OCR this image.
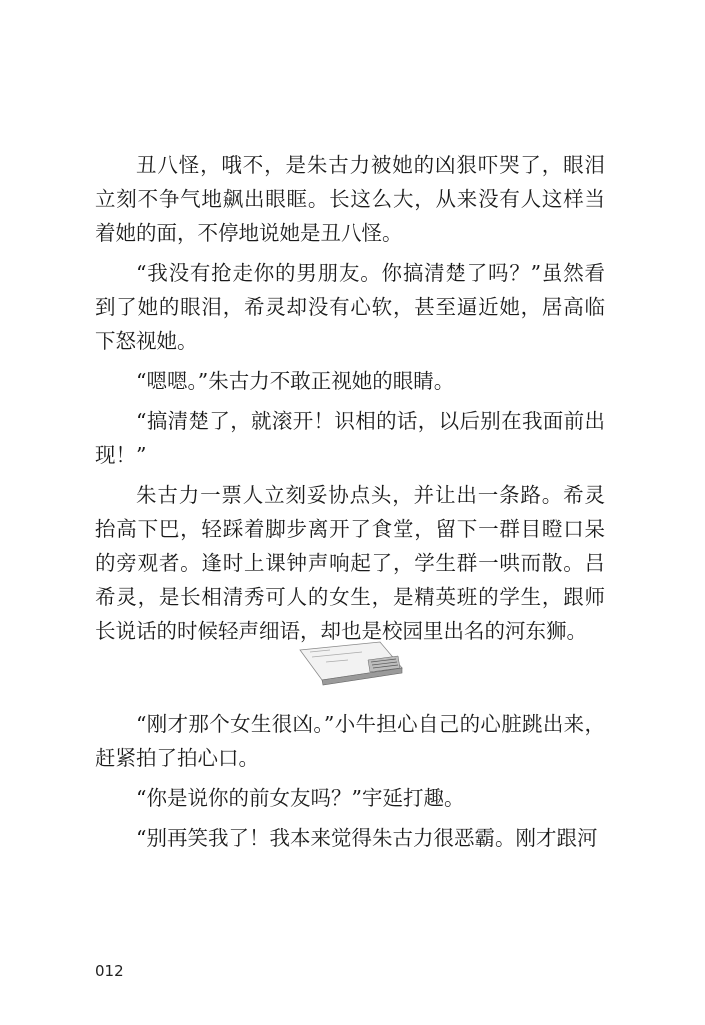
丑八怪，哦不，是朱古力被她的凶狠吓哭了，眼泪立刻不争气地飙出眼眶。长这么大，从来没有人这样当着她的面，不停地说她是丑八怪。

“我没有抢走你的男朋友。你搞清楚了吗？”虽然看到了她的眼泪，希灵却没有心软，甚至逼近她，居高临下怒视她。

“嗯嗯。”朱古力不敢正视她的眼睛。

“搞清楚了，就滚开！识相的话，以后别在我面前出现！”

朱古力一票人立刻妥协点头，并让出一条路。希灵抬高下巴，轻踩着脚步离开了食堂，留下一群目瞪口呆的旁观者。逢时上课钟声响起了，学生群一哄而散。吕希灵，是长相清秀可人的女生，是精英班的学生，跟师长说话的时候轻声细语，却也是校园里出名的河东狮。

“刚才那个女生很凶。”小牛担心自己的心脏跳出来，赶紧拍了拍心口。

“你是说你的前女友吗？”宇延打趣。

“别再笑我了！我本来觉得朱古力很恶霸。刚才跟河

012
